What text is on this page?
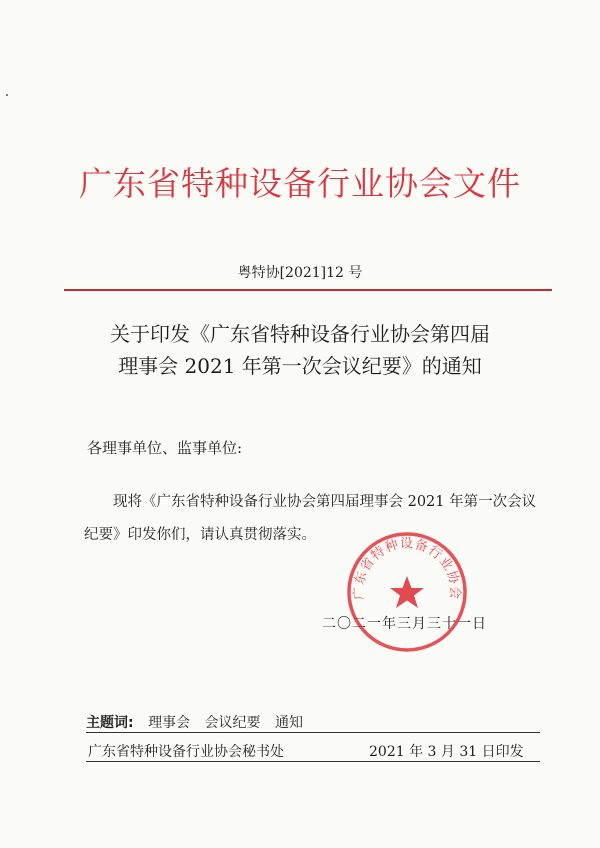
广东省特种设备行业协会文件
粤特协[2021]12 号
关于印发《广东省特种设备行业协会第四届
理事会 2021 年第一次会议纪要》的通知
各理事单位、监事单位:
现将《广东省特种设备行业协会第四届理事会 2021 年第一次会议纪要》印发你们，请认真贯彻落实。
广东省特种设备行业协会
二〇二一年三月三十一日
主题词: 理事会 会议纪要 通知
广东省特种设备行业协会秘书处	2021 年 3 月 31 日印发
